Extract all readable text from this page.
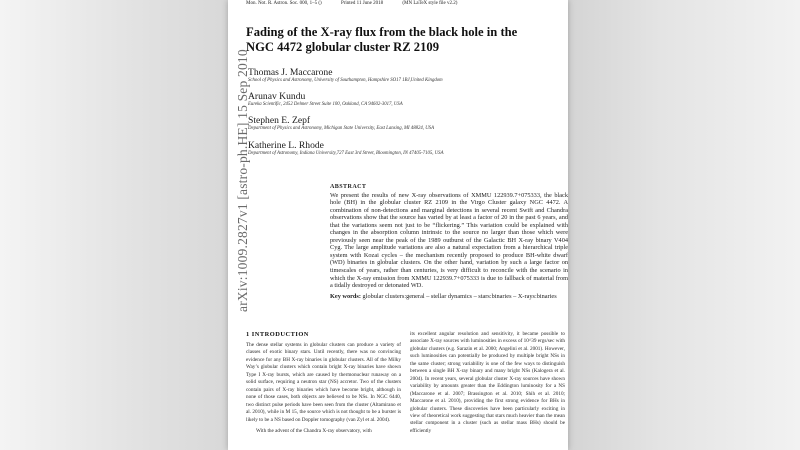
Mon. Not. R. Astron. Soc. 000, 1–5 ()	Printed 11 June 2018	(MN LaTeX style file v2.2)
Fading of the X-ray flux from the black hole in the NGC 4472 globular cluster RZ 2109
Thomas J. Maccarone
School of Physics and Astronomy, University of Southampton, Hampshire SO17 1BJ,United Kingdom
Arunav Kundu
Eureka Scientific, 2452 Delmer Street Suite 100, Oakland, CA 94602-3017, USA
Stephen E. Zepf
Department of Physics and Astronomy, Michigan State University, East Lansing, MI 48824, USA
Katherine L. Rhode
Department of Astronomy, Indiana University,727 East 3rd Street, Bloomington, IN 47405-7105, USA
ABSTRACT
We present the results of new X-ray observations of XMMU 122939.7+075333, the black hole (BH) in the globular cluster RZ 2109 in the Virgo Cluster galaxy NGC 4472. A combination of non-detections and marginal detections in several recent Swift and Chandra observations show that the source has varied by at least a factor of 20 in the past 6 years, and that the variations seem not just to be “flickering.” This variation could be explained with changes in the absorption column intrinsic to the source no larger than those which were previously seen near the peak of the 1989 outburst of the Galactic BH X-ray binary V404 Cyg. The large amplitude variations are also a natural expectation from a hierarchical triple system with Kozai cycles – the mechanism recently proposed to produce BH-white dwarf (WD) binaries in globular clusters. On the other hand, variation by such a large factor on timescales of years, rather than centuries, is very difficult to reconcile with the scenario in which the X-ray emission from XMMU 122939.7+075333 is due to fallback of material from a tidally destroyed or detonated WD.
Key words: globular clusters:general – stellar dynamics – stars:binaries – X-rays:binaries
1 INTRODUCTION

The dense stellar systems in globular clusters can produce a variety of classes of exotic binary stars. Until recently, there was no convincing evidence for any BH X-ray binaries in globular clusters. All of the Milky Way’s globular clusters which contain bright X-ray binaries have shown Type I X-ray bursts, which are caused by thermonuclear runaway on a solid surface, requiring a neutron star (NS) accretor. Two of the clusters contain pairs of X-ray binaries which have become bright, although in none of those cases, both objects are believed to be NSs. In NGC 6440, two distinct pulse periods have been seen from the cluster (Altamirano et al. 2010), while in M 15, the source which is not thought to be a burster is likely to be a NS based on Doppler tomography (van Zyl et al. 2004).

With the advent of the Chandra X-ray observatory, with

its excellent angular resolution and sensitivity, it became possible to associate X-ray sources with luminosities in excess of 10^39 ergs/sec with globular clusters (e.g. Sarazin et al. 2000; Angelini et al. 2001). However, such luminosities can potentially be produced by multiple bright NSs in the same cluster; strong variability is one of the few ways to distinguish between a single BH X-ray binary and many bright NSs (Kalogera et al. 2004). In recent years, several globular cluster X-ray sources have shown variability by amounts greater than the Eddington luminosity for a NS (Maccarone et al. 2007; Brassington et al. 2010; Shih et al. 2010; Maccarone et al. 2010), providing the first strong evidence for BHs in globular clusters. These discoveries have been particularly exciting in view of theoretical work suggesting that stars much heavier than the mean stellar component in a cluster (such as stellar mass BHs) should be efficiently

arXiv:1009.2827v1 [astro-ph.HE] 15 Sep 2010
